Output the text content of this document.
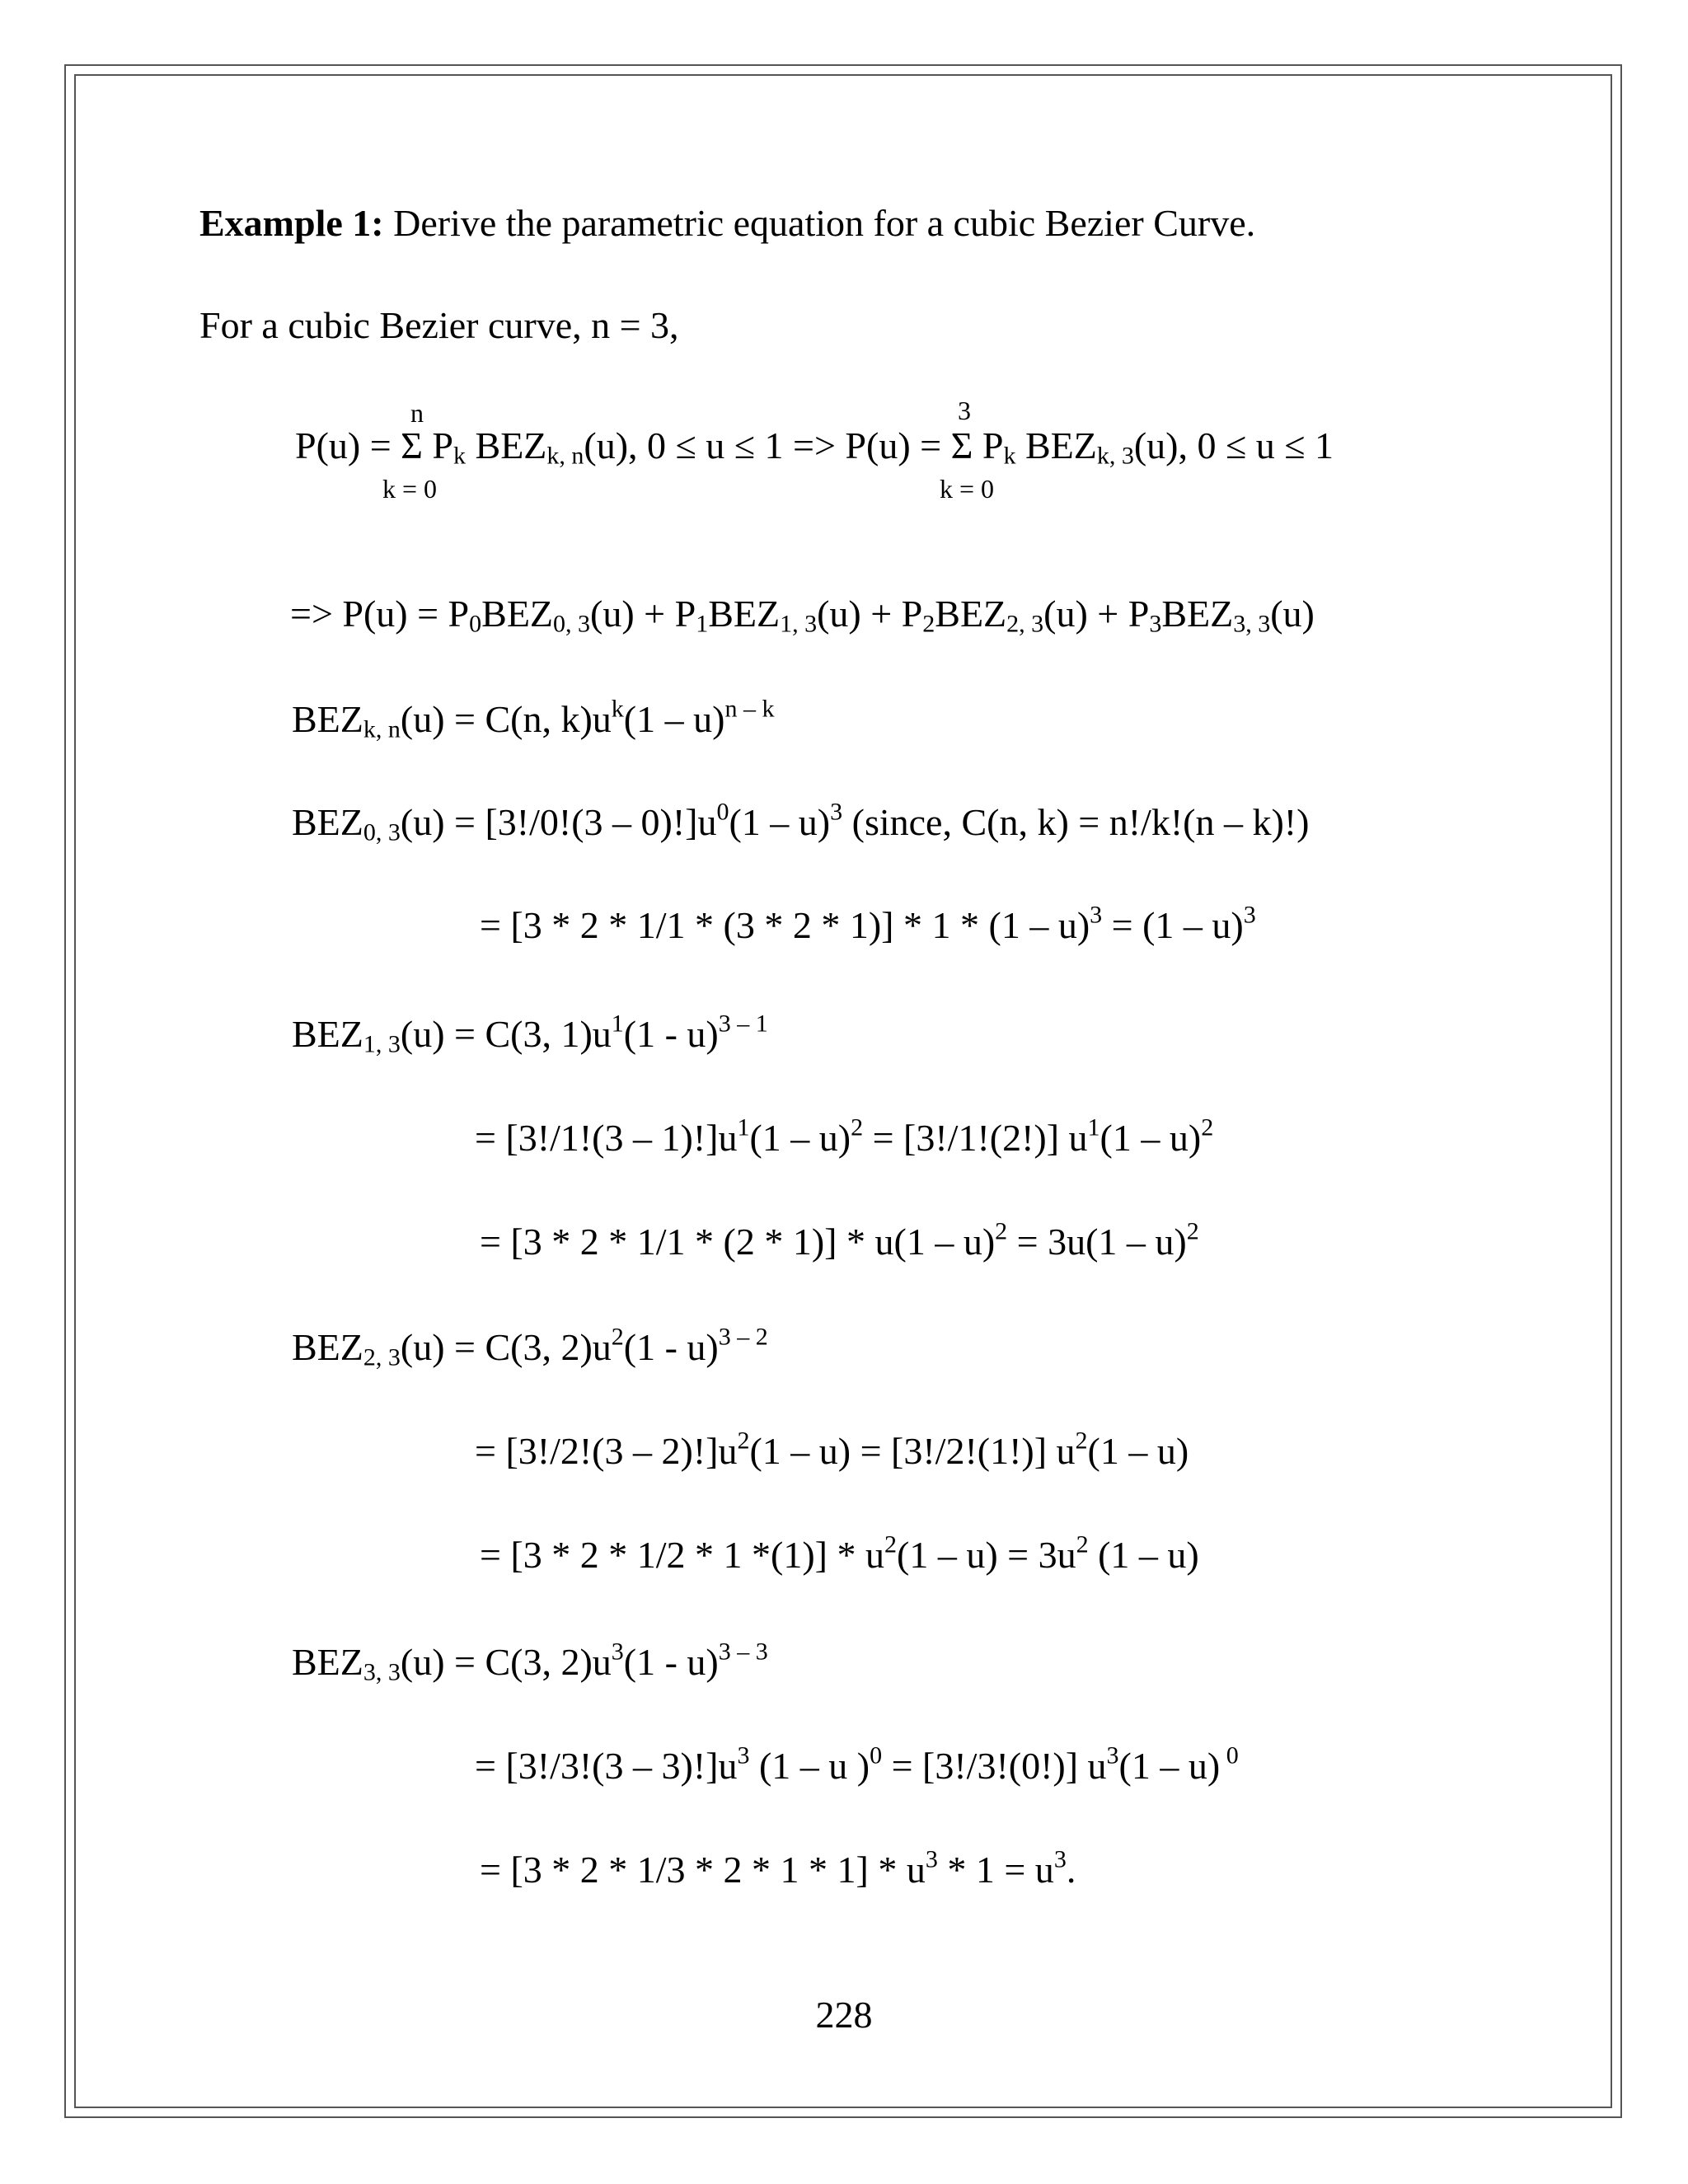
Example 1: Derive the parametric equation for a cubic Bezier Curve.
For a cubic Bezier curve, n = 3,
n
k = 0
3
k = 0
P(u) = Σ $P_k$ $BEZ_{k, n}(u)$, 0 ≤ u ≤ 1 => P(u) = Σ $P_k$ $BEZ_{k, 3}(u)$, 0 ≤ u ≤ 1
=> $P(u) = P_0BEZ_{0, 3}(u) + P_1BEZ_{1, 3}(u) + P_2BEZ_{2, 3}(u) + P_3BEZ_{3, 3}(u)$
$BEZ_{k, n}(u) = C(n$, $k)u^k(1 - u)^{n - k}$
$BEZ_{0, 3}(u) = [3!/0!(3 - 0)!]u^0(1 - u)^3$ (since, C(n, k) = n!/k!(n – k)!)
= [3 * 2 * 1/1 * (3 * 2 * 1)] * 1 * (1 – u)$^3$ = (1 – u)$^3$
$BEZ_{1, 3}(u) = C(3$, $1)u^1(1 - u)^{3 - 1}$
= $[3!/1!(3 - 1)!]u^1(1 - u)^2 = [3!/1!(2!)]$ $u^1(1 - u)^2$
= [3 * 2 * 1/1 * (2 * 1)] * u(1 – u)$^2$ = 3u(1 – u)$^2$
$BEZ_{2, 3}(u) = C(3$, $2)u^2(1 - u)^{3 - 2}$
= $[3!/2!(3 - 2)!]u^2(1 - u) = [3!/2!(1!)]$ $u^2(1 - u)$
= [3 * 2 * 1/2 * 1 $*(1)] * u^2(1 - u) = 3u^2$ (1 – u)
$BEZ_{3, 3}(u) = C(3$, $2)u^3(1 - u)^{3 - 3}$
= $[3!/3!(3 - 3)!]u^3$ (1 – u )$^0$ = [3!/3!(0!)] $u^3(1 - u)$ $^0$
= $[3 * 2 * 1/3 * 2 * 1 * 1] * u^3 * 1 = u^3$.
228
